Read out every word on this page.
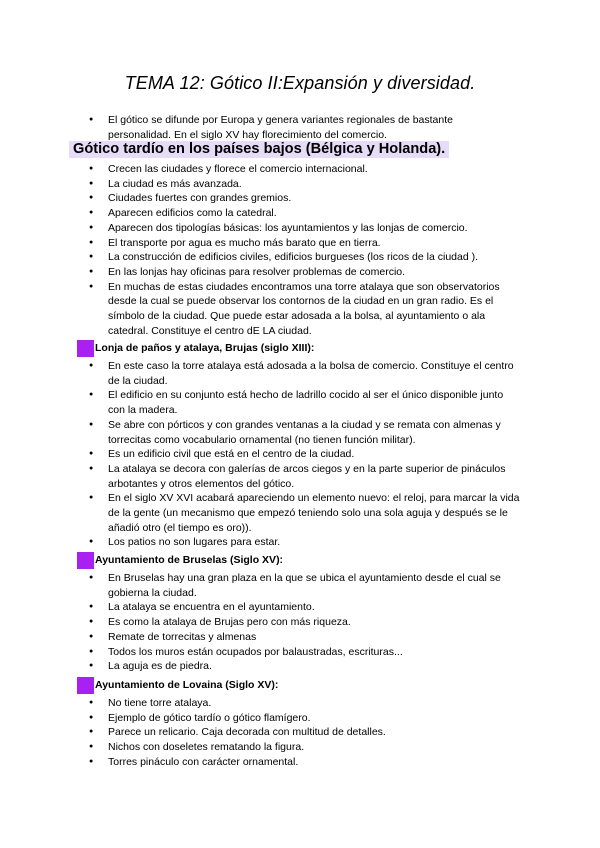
TEMA 12: Gótico II:Expansión y diversidad.
● El gótico se difunde por Europa y genera variantes regionales de bastante personalidad. En el siglo XV hay florecimiento del comercio.
Gótico tardío en los países bajos (Bélgica y Holanda).
● Crecen las ciudades y florece el comercio internacional.
● La ciudad es más avanzada.
● Ciudades fuertes con grandes gremios.
● Aparecen edificios como la catedral.
● Aparecen dos tipologías básicas: los ayuntamientos y las lonjas de comercio.
● El transporte por agua es mucho más barato que en tierra.
● La construcción de edificios civiles, edificios burgueses (los ricos de la ciudad ).
● En las lonjas hay oficinas para resolver problemas de comercio.
● En muchas de estas ciudades encontramos una torre atalaya que son observatorios desde la cual se puede observar los contornos de la ciudad en un gran radio. Es el símbolo de la ciudad. Que puede estar adosada a la bolsa, al ayuntamiento o ala catedral. Constituye el centro dE LA ciudad.
Lonja de paños y atalaya, Brujas (siglo XIII):
● En este caso la torre atalaya está adosada a la bolsa de comercio. Constituye el centro de la ciudad.
● El edificio en su conjunto está hecho de ladrillo cocido al ser el único disponible junto con la madera.
● Se abre con pórticos y con grandes ventanas a la ciudad y se remata con almenas y torrecitas como vocabulario ornamental (no tienen función militar).
● Es un edificio civil que está en el centro de la ciudad.
● La atalaya se decora con galerías de arcos ciegos y en la parte superior de pináculos arbotantes y otros elementos del gótico.
● En el siglo XV XVI acabará apareciendo un elemento nuevo: el reloj, para marcar la vida de la gente (un mecanismo que empezó teniendo solo una sola aguja y después se le añadió otro (el tiempo es oro)).
● Los patios no son lugares para estar.
Ayuntamiento de Bruselas (Siglo XV):
● En Bruselas hay una gran plaza en la que se ubica el ayuntamiento desde el cual se gobierna la ciudad.
● La atalaya se encuentra en el ayuntamiento.
● Es como la atalaya de Brujas pero con más riqueza.
● Remate de torrecitas y almenas
● Todos los muros están ocupados por balaustradas, escrituras...
● La aguja es de piedra.
Ayuntamiento de Lovaina (Siglo XV):
● No tiene torre atalaya.
● Ejemplo de gótico tardío o gótico flamígero.
● Parece un relicario. Caja decorada con multitud de detalles.
● Nichos con doseletes rematando la figura.
● Torres pináculo con carácter ornamental.
